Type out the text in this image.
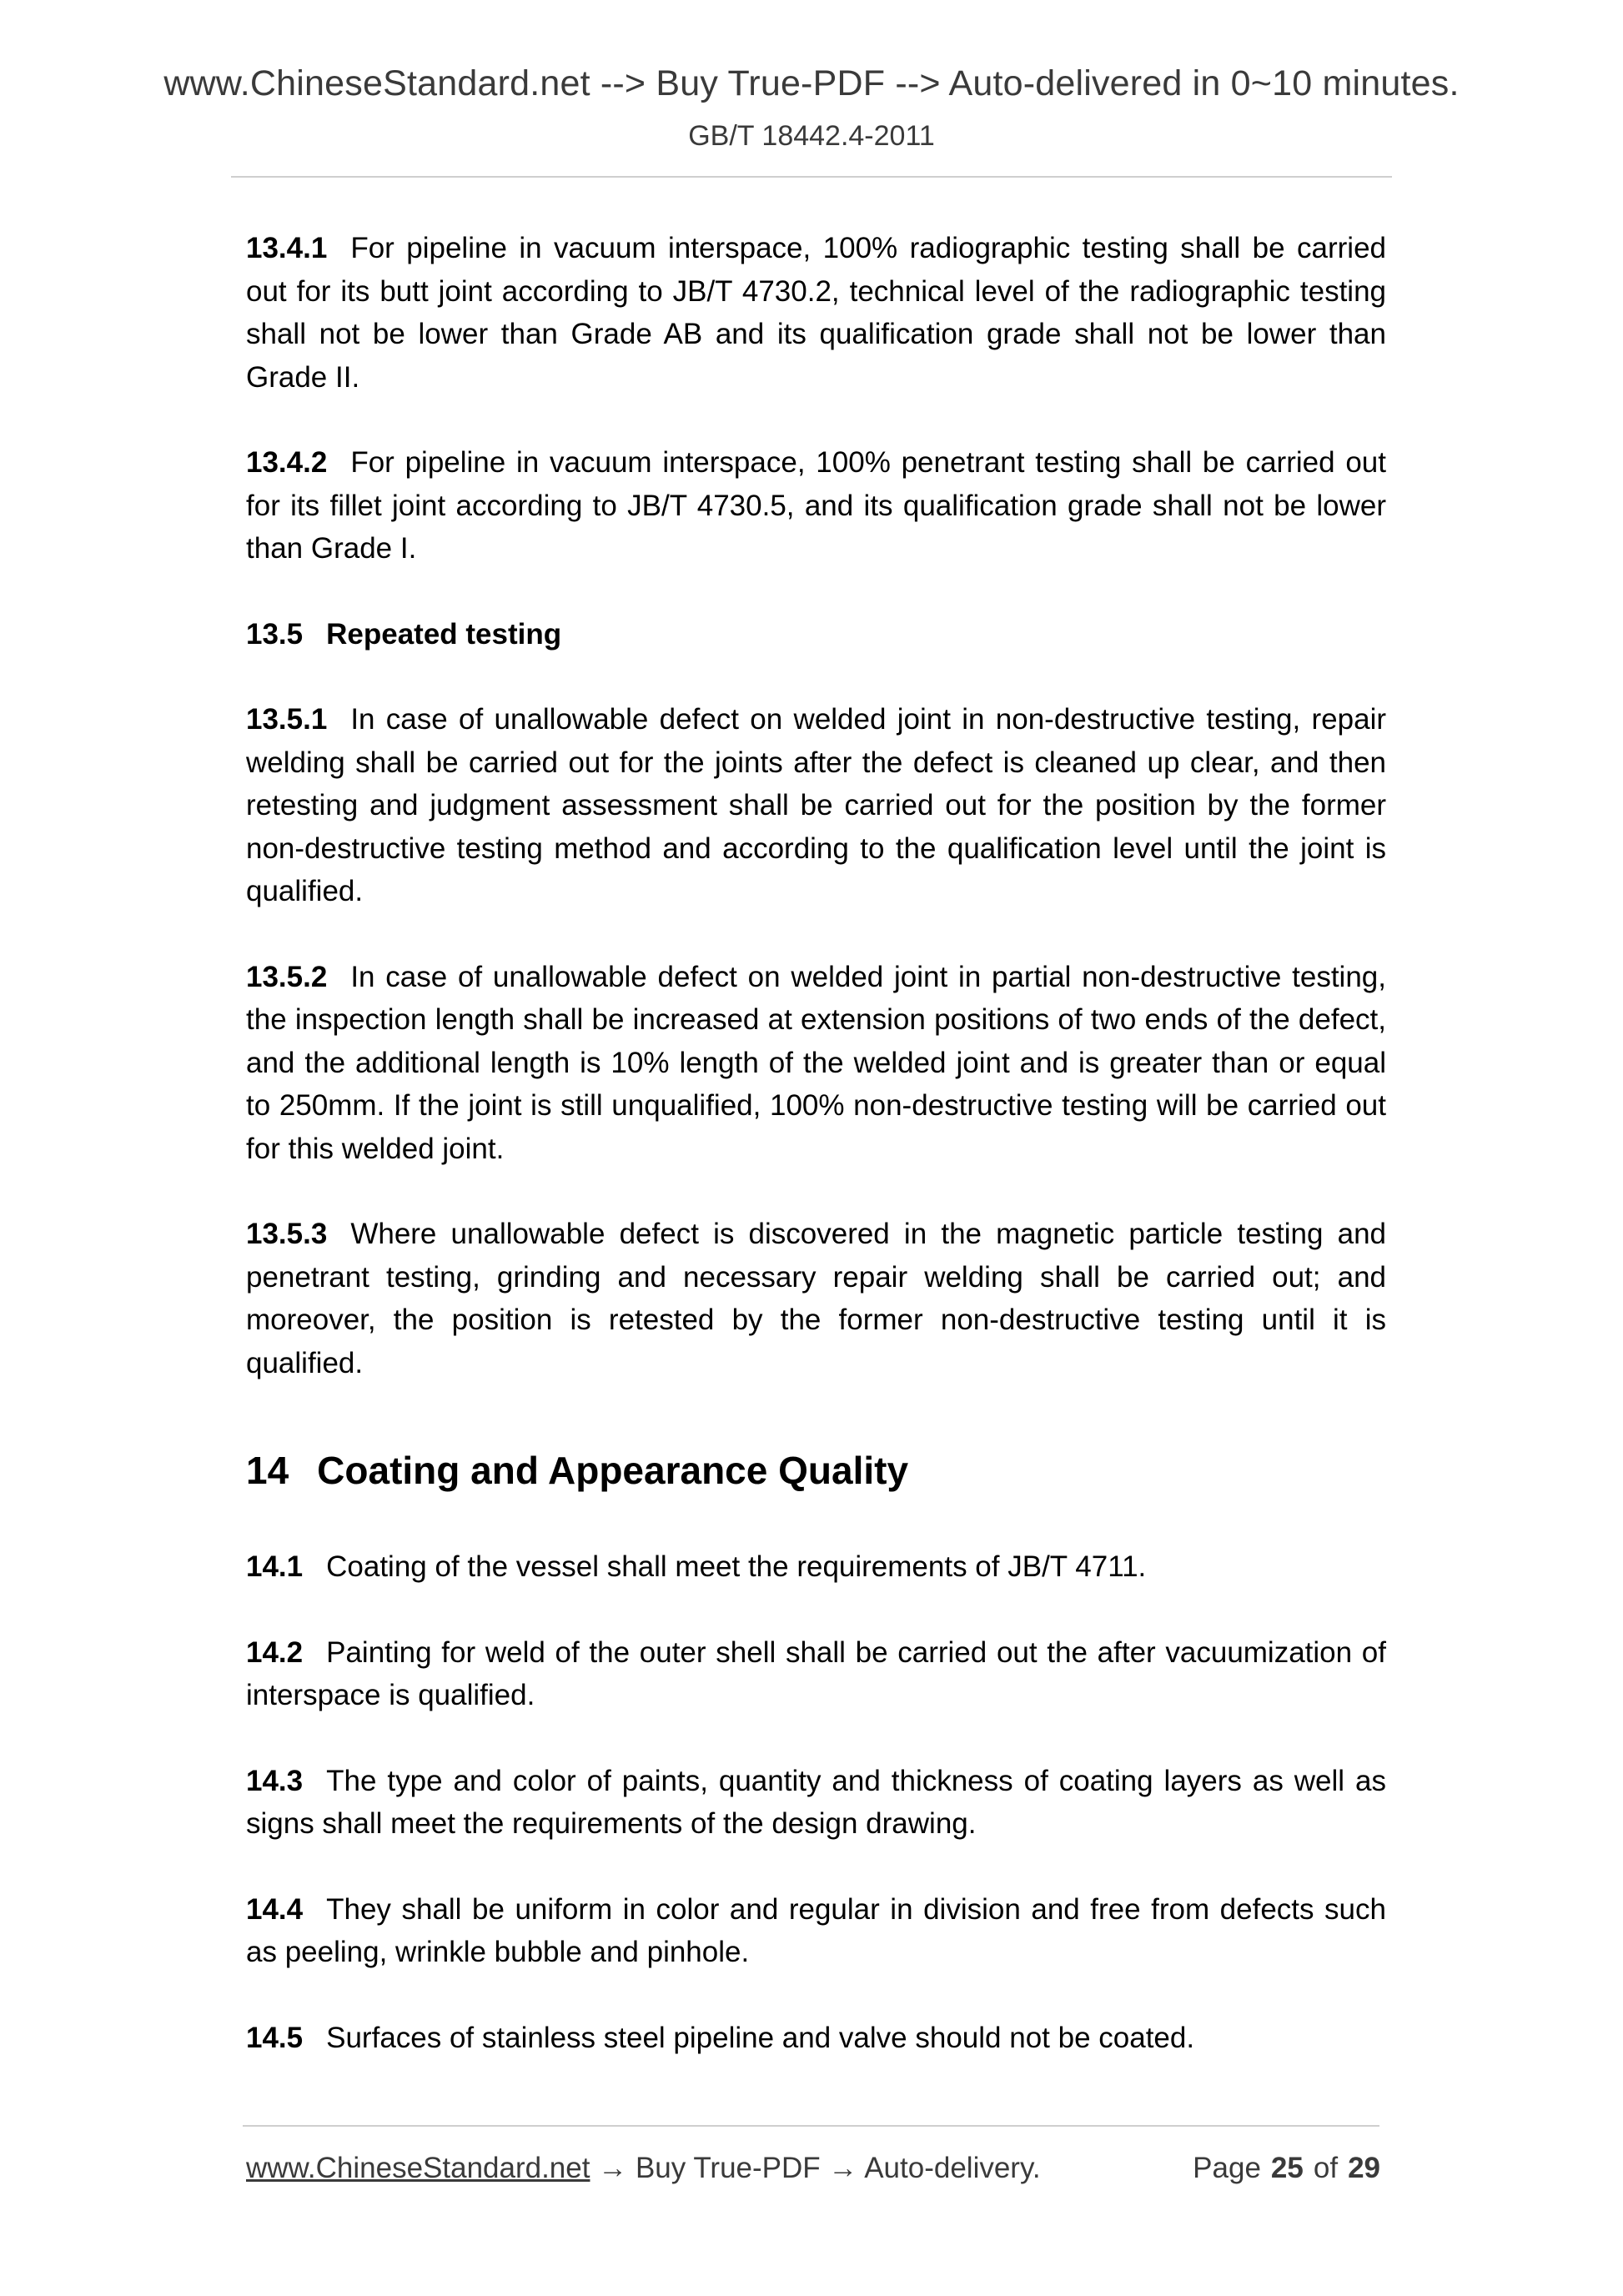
www.ChineseStandard.net --> Buy True-PDF --> Auto-delivered in 0~10 minutes.
GB/T 18442.4-2011

13.4.1 For pipeline in vacuum interspace, 100% radiographic testing shall be carried out for its butt joint according to JB/T 4730.2, technical level of the radiographic testing shall not be lower than Grade AB and its qualification grade shall not be lower than Grade II.

13.4.2 For pipeline in vacuum interspace, 100% penetrant testing shall be carried out for its fillet joint according to JB/T 4730.5, and its qualification grade shall not be lower than Grade I.

13.5 Repeated testing

13.5.1 In case of unallowable defect on welded joint in non-destructive testing, repair welding shall be carried out for the joints after the defect is cleaned up clear, and then retesting and judgment assessment shall be carried out for the position by the former non-destructive testing method and according to the qualification level until the joint is qualified.

13.5.2 In case of unallowable defect on welded joint in partial non-destructive testing, the inspection length shall be increased at extension positions of two ends of the defect, and the additional length is 10% length of the welded joint and is greater than or equal to 250mm. If the joint is still unqualified, 100% non-destructive testing will be carried out for this welded joint.

13.5.3 Where unallowable defect is discovered in the magnetic particle testing and penetrant testing, grinding and necessary repair welding shall be carried out; and moreover, the position is retested by the former non-destructive testing until it is qualified.

14 Coating and Appearance Quality

14.1 Coating of the vessel shall meet the requirements of JB/T 4711.

14.2 Painting for weld of the outer shell shall be carried out the after vacuumization of interspace is qualified.

14.3 The type and color of paints, quantity and thickness of coating layers as well as signs shall meet the requirements of the design drawing.

14.4 They shall be uniform in color and regular in division and free from defects such as peeling, wrinkle bubble and pinhole.

14.5 Surfaces of stainless steel pipeline and valve should not be coated.

www.ChineseStandard.net → Buy True-PDF → Auto-delivery.	Page 25 of 29
